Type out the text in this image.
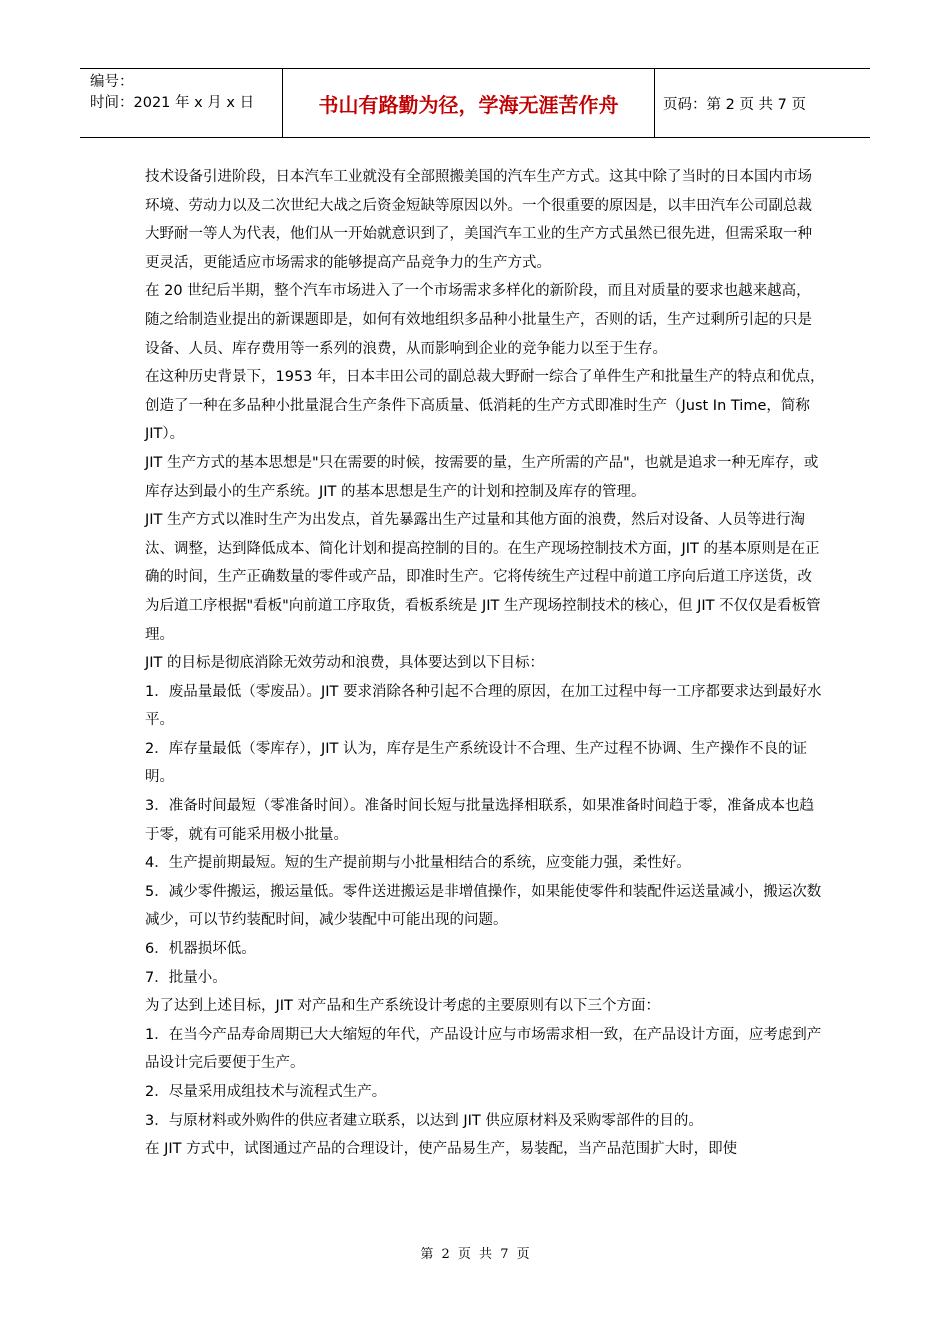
编号：
时间：2021 年 x 月 x 日	书山有路勤为径，学海无涯苦作舟	页码：第 2 页 共 7 页

技术设备引进阶段，日本汽车工业就没有全部照搬美国的汽车生产方式。这其中除了当时的日本国内市场环境、劳动力以及二次世纪大战之后资金短缺等原因以外。一个很重要的原因是，以丰田汽车公司副总裁大野耐一等人为代表，他们从一开始就意识到了，美国汽车工业的生产方式虽然已很先进，但需采取一种更灵活，更能适应市场需求的能够提高产品竞争力的生产方式。

在 20 世纪后半期，整个汽车市场进入了一个市场需求多样化的新阶段，而且对质量的要求也越来越高，随之给制造业提出的新课题即是，如何有效地组织多品种小批量生产，否则的话，生产过剩所引起的只是设备、人员、库存费用等一系列的浪费，从而影响到企业的竞争能力以至于生存。

在这种历史背景下，1953 年，日本丰田公司的副总裁大野耐一综合了单件生产和批量生产的特点和优点，创造了一种在多品种小批量混合生产条件下高质量、低消耗的生产方式即准时生产（Just In Time，简称 JIT）。

JIT 生产方式的基本思想是"只在需要的时候，按需要的量，生产所需的产品"，也就是追求一种无库存，或库存达到最小的生产系统。JIT 的基本思想是生产的计划和控制及库存的管理。

JIT 生产方式以准时生产为出发点，首先暴露出生产过量和其他方面的浪费，然后对设备、人员等进行淘汰、调整，达到降低成本、简化计划和提高控制的目的。在生产现场控制技术方面，JIT 的基本原则是在正确的时间，生产正确数量的零件或产品，即准时生产。它将传统生产过程中前道工序向后道工序送货，改为后道工序根据"看板"向前道工序取货，看板系统是 JIT 生产现场控制技术的核心，但 JIT 不仅仅是看板管理。

JIT 的目标是彻底消除无效劳动和浪费，具体要达到以下目标：

1．废品量最低（零废品）。JIT 要求消除各种引起不合理的原因，在加工过程中每一工序都要求达到最好水平。

2．库存量最低（零库存），JIT 认为，库存是生产系统设计不合理、生产过程不协调、生产操作不良的证明。

3．准备时间最短（零准备时间）。准备时间长短与批量选择相联系，如果准备时间趋于零，准备成本也趋于零，就有可能采用极小批量。

4．生产提前期最短。短的生产提前期与小批量相结合的系统，应变能力强，柔性好。

5．减少零件搬运，搬运量低。零件送进搬运是非增值操作，如果能使零件和装配件运送量减小，搬运次数减少，可以节约装配时间，减少装配中可能出现的问题。

6．机器损坏低。

7．批量小。

为了达到上述目标，JIT 对产品和生产系统设计考虑的主要原则有以下三个方面：

1．在当今产品寿命周期已大大缩短的年代，产品设计应与市场需求相一致，在产品设计方面，应考虑到产品设计完后要便于生产。

2．尽量采用成组技术与流程式生产。

3．与原材料或外购件的供应者建立联系，以达到 JIT 供应原材料及采购零部件的目的。

在 JIT 方式中，试图通过产品的合理设计，使产品易生产，易装配，当产品范围扩大时，即使

第 2 页 共 7 页
